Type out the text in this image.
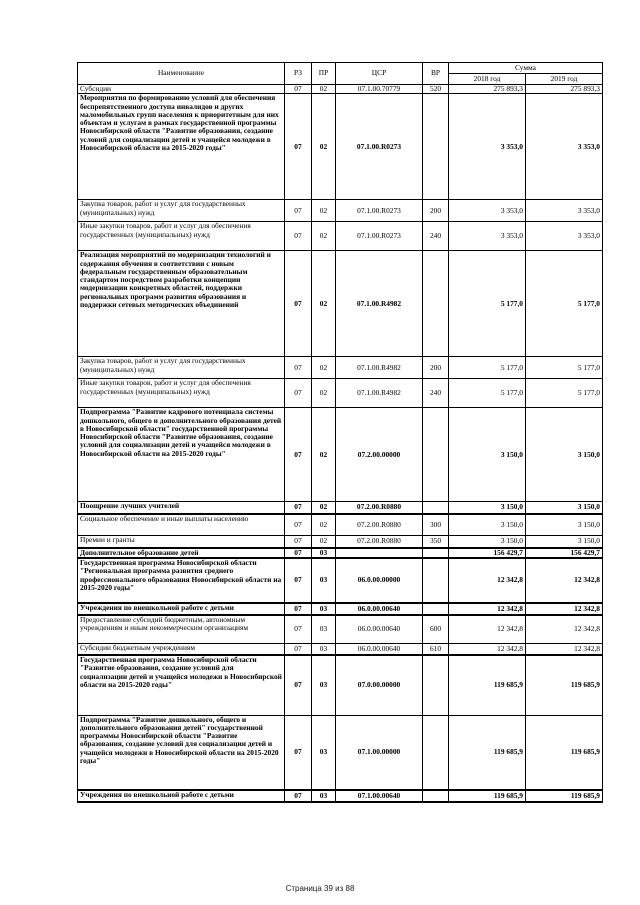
Наименование	РЗ	ПР	ЦСР	ВР	Сумма	
					2018 год	2019 год
Субсидии	07	02	07.1.00.70779	520	275 893,3	275 893,3
Мероприятия по формированию условий для обеспечения беспрепятственного доступа инвалидов и других маломобильных групп населения к приоритетным для них объектам и услугам в рамках государственной программы Новосибирской области "Развитие образования, создание условий для социализации детей и учащейся молодежи в Новосибирской области на 2015-2020 годы"	07	02	07.1.00.R0273		3 353,0	3 353,0
Закупка товаров, работ и услуг для государственных (муниципальных) нужд	07	02	07.1.00.R0273	200	3 353,0	3 353,0
Иные закупки товаров, работ и услуг для обеспечения государственных (муниципальных) нужд	07	02	07.1.00.R0273	240	3 353,0	3 353,0
Реализация мероприятий по модернизации технологий и содержания обучения в соответствии с новым федеральным государственным образовательным стандартом посредством разработки концепции модернизации конкретных областей, поддержки региональных программ развития образования и поддержки сетевых методических объединений	07	02	07.1.00.R4982		5 177,0	5 177,0
Закупка товаров, работ и услуг для государственных (муниципальных) нужд	07	02	07.1.00.R4982	200	5 177,0	5 177,0
Иные закупки товаров, работ и услуг для обеспечения государственных (муниципальных) нужд	07	02	07.1.00.R4982	240	5 177,0	5 177,0
Подпрограмма "Развитие кадрового потенциала системы дошкольного, общего и дополнительного образования детей в Новосибирской области" государственной программы Новосибирской области "Развитие образования, создание условий для социализации детей и учащейся молодежи в Новосибирской области на 2015-2020 годы"	07	02	07.2.00.00000		3 150,0	3 150,0
Поощрение лучших учителей	07	02	07.2.00.R0880		3 150,0	3 150,0
Социальное обеспечение и иные выплаты населению	07	02	07.2.00.R0880	300	3 150,0	3 150,0
Премии и гранты	07	02	07.2.00.R0880	350	3 150,0	3 150,0
Дополнительное образование детей	07	03			156 429,7	156 429,7
Государственная программа Новосибирской области "Региональная программа развития среднего профессионального образования Новосибирской области на 2015-2020 годы"	07	03	06.0.00.00000		12 342,8	12 342,8
Учреждения по внешкольной работе с детьми	07	03	06.0.00.00640		12 342,8	12 342,8
Предоставление субсидий бюджетным, автономным учреждениям и иным некоммерческим организациям	07	03	06.0.00.00640	600	12 342,8	12 342,8
Субсидии бюджетным учреждениям	07	03	06.0.00.00640	610	12 342,8	12 342,8
Государственная программа Новосибирской области "Развитие образования, создание условий для социализации детей и учащейся молодежи в Новосибирской области на 2015-2020 годы"	07	03	07.0.00.00000		119 685,9	119 685,9
Подпрограмма "Развитие дошкольного, общего и дополнительного образования детей" государственной программы Новосибирской области "Развитие образования, создание условий для социализации детей и учащейся молодежи в Новосибирской области на 2015-2020 годы"	07	03	07.1.00.00000		119 685,9	119 685,9
Учреждения по внешкольной работе с детьми	07	03	07.1.00.00640		119 685,9	119 685,9
Страница 39 из 88
